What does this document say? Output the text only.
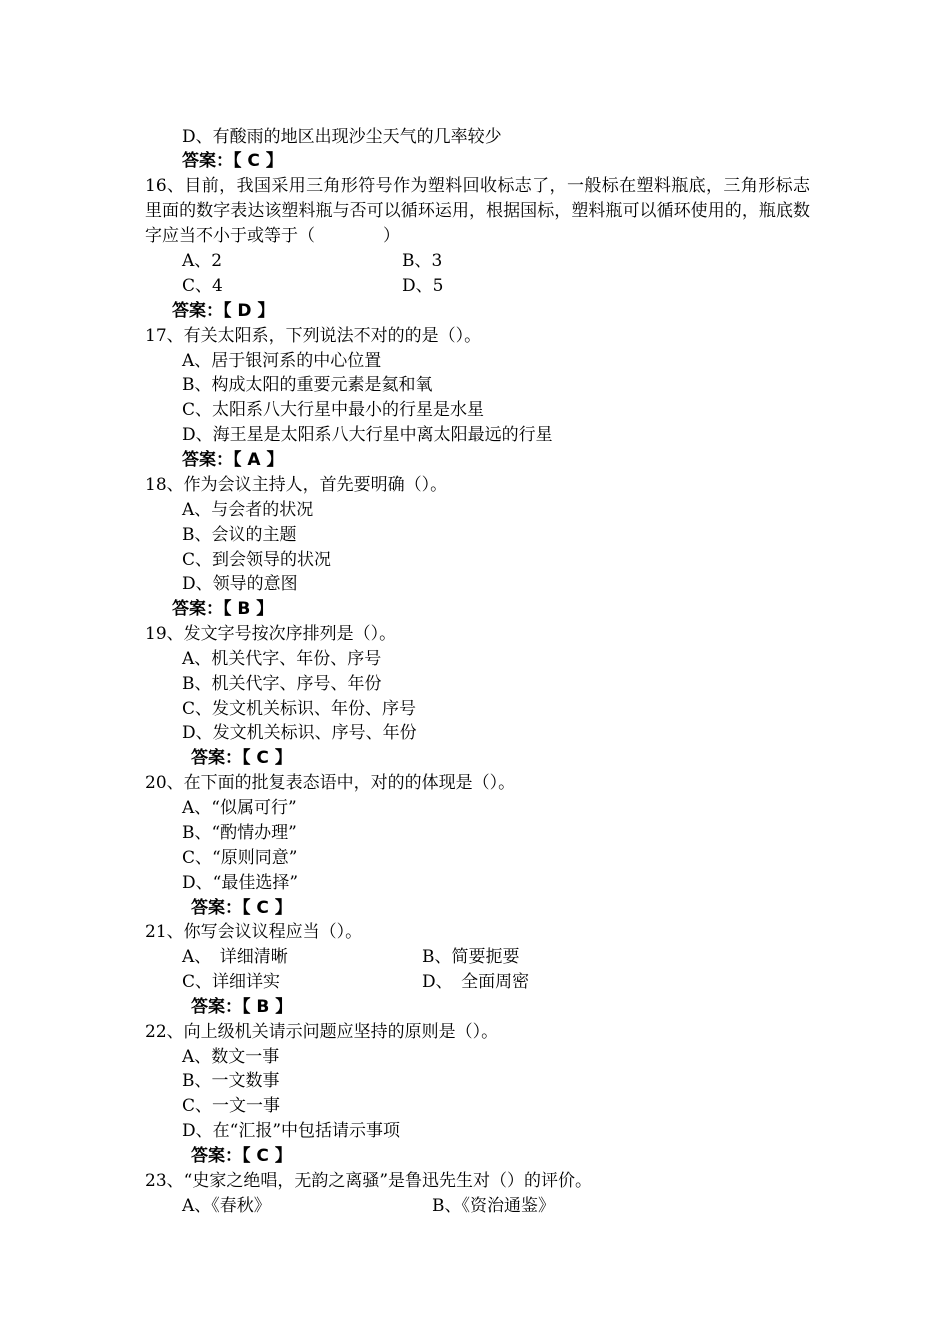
D、有酸雨的地区出现沙尘天气的几率较少
答案：【 C 】
16、目前，我国采用三角形符号作为塑料回收标志了，一般标在塑料瓶底，三角形标志里面的数字表达该塑料瓶与否可以循环运用，根据国标，塑料瓶可以循环使用的，瓶底数字应当不小于或等于（　　　　）
A、2	B、3
C、4	D、5
答案：【 D 】
17、有关太阳系，下列说法不对的的是（）。
A、居于银河系的中心位置
B、构成太阳的重要元素是氦和氧
C、太阳系八大行星中最小的行星是水星
D、海王星是太阳系八大行星中离太阳最远的行星
答案：【 A 】
18、作为会议主持人，首先要明确（）。
A、与会者的状况
B、会议的主题
C、到会领导的状况
D、领导的意图
答案：【 B 】
19、发文字号按次序排列是（）。
A、机关代字、年份、序号
B、机关代字、序号、年份
C、发文机关标识、年份、序号
D、发文机关标识、序号、年份
答案：【 C 】
20、在下面的批复表态语中，对的的体现是（）。
A、“似属可行”
B、“酌情办理”
C、“原则同意”
D、“最佳选择”
答案：【 C 】
21、你写会议议程应当（）。
A、　详细清晰	B、简要扼要
C、详细详实	D、　全面周密
答案：【 B 】
22、向上级机关请示问题应坚持的原则是（）。
A、数文一事
B、一文数事
C、一文一事
D、在“汇报”中包括请示事项
答案：【 C 】
23、“史家之绝唱，无韵之离骚”是鲁迅先生对（）的评价。
A、《春秋》	B、《资治通鉴》
